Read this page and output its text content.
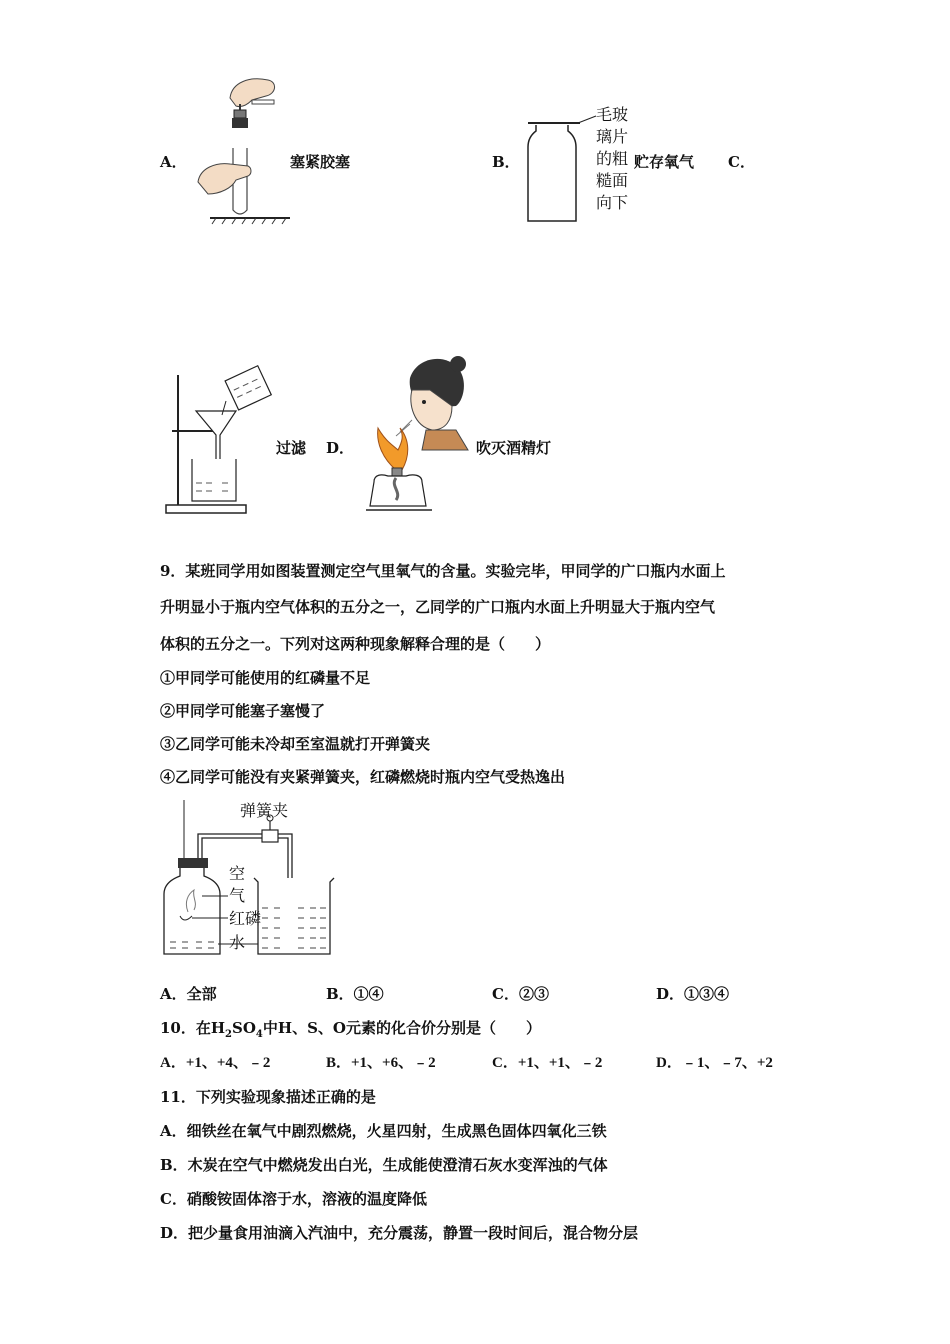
A．	塞紧胶塞	B．
毛玻
璃片
的粗
糙面
向下
贮存氧气 C．
过滤 D．	吹灭酒精灯
9．某班同学用如图装置测定空气里氧气的含量。实验完毕，甲同学的广口瓶内水面上
升明显小于瓶内空气体积的五分之一，乙同学的广口瓶内水面上升明显大于瓶内空气
体积的五分之一。下列对这两种现象解释合理的是（　　）
①甲同学可能使用的红磷量不足
②甲同学可能塞子塞慢了
③乙同学可能未冷却至室温就打开弹簧夹
④乙同学可能没有夹紧弹簧夹，红磷燃烧时瓶内空气受热逸出
弹簧夹
空
气
红磷
水
A．全部	B．①④	C．②③	D．①③④
10．在$H_2SO_4$中H、S、O元素的化合价分别是（　　）
A．+1、+4、﹣2	B．+1、+6、﹣2	C．+1、+1、﹣2	D．﹣1、﹣7、+2
11．下列实验现象描述正确的是
A．细铁丝在氧气中剧烈燃烧，火星四射，生成黑色固体四氧化三铁
B．木炭在空气中燃烧发出白光，生成能使澄清石灰水变浑浊的气体
C．硝酸铵固体溶于水，溶液的温度降低
D．把少量食用油滴入汽油中，充分震荡，静置一段时间后，混合物分层
